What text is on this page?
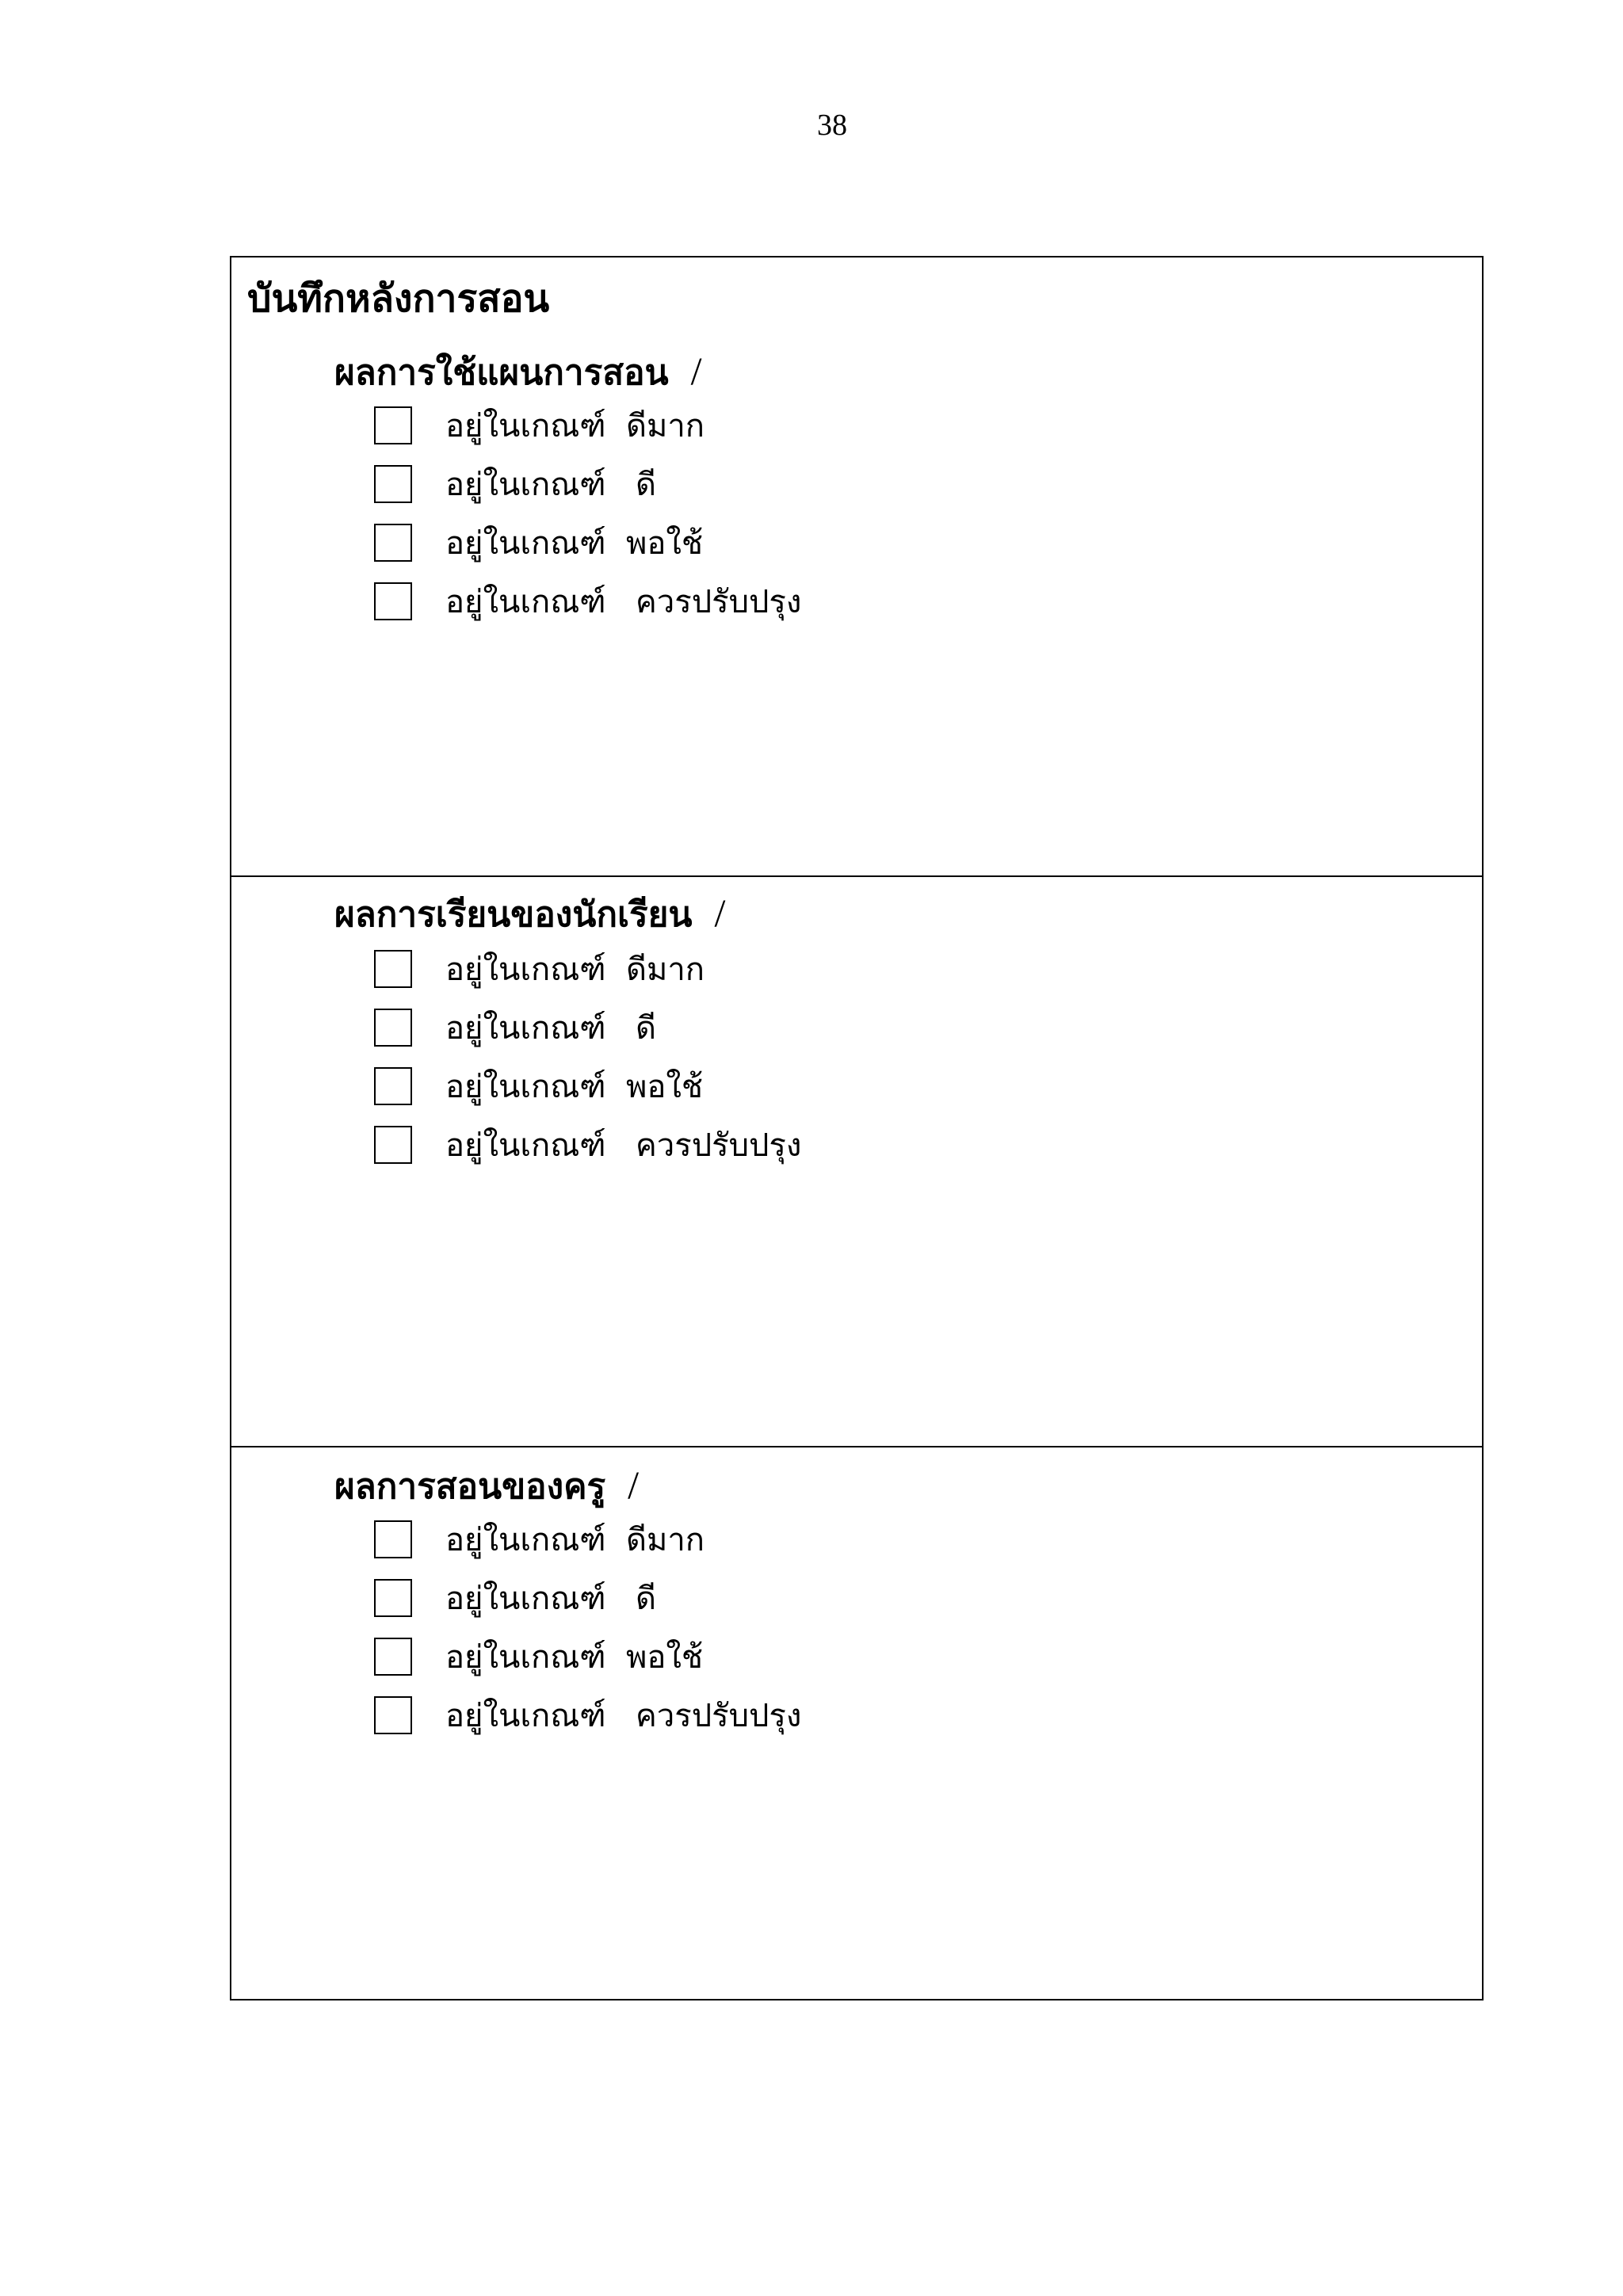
38
บันทึกหลังการสอน
ผลการใช้แผนการสอน /
อยู่ในเกณฑ์ ดีมาก
อยู่ในเกณฑ์ ดี
อยู่ในเกณฑ์ พอใช้
อยู่ในเกณฑ์ ควรปรับปรุง
ผลการเรียนของนักเรียน /
อยู่ในเกณฑ์ ดีมาก
อยู่ในเกณฑ์ ดี
อยู่ในเกณฑ์ พอใช้
อยู่ในเกณฑ์ ควรปรับปรุง
ผลการสอนของครู /
อยู่ในเกณฑ์ ดีมาก
อยู่ในเกณฑ์ ดี
อยู่ในเกณฑ์ พอใช้
อยู่ในเกณฑ์ ควรปรับปรุง
